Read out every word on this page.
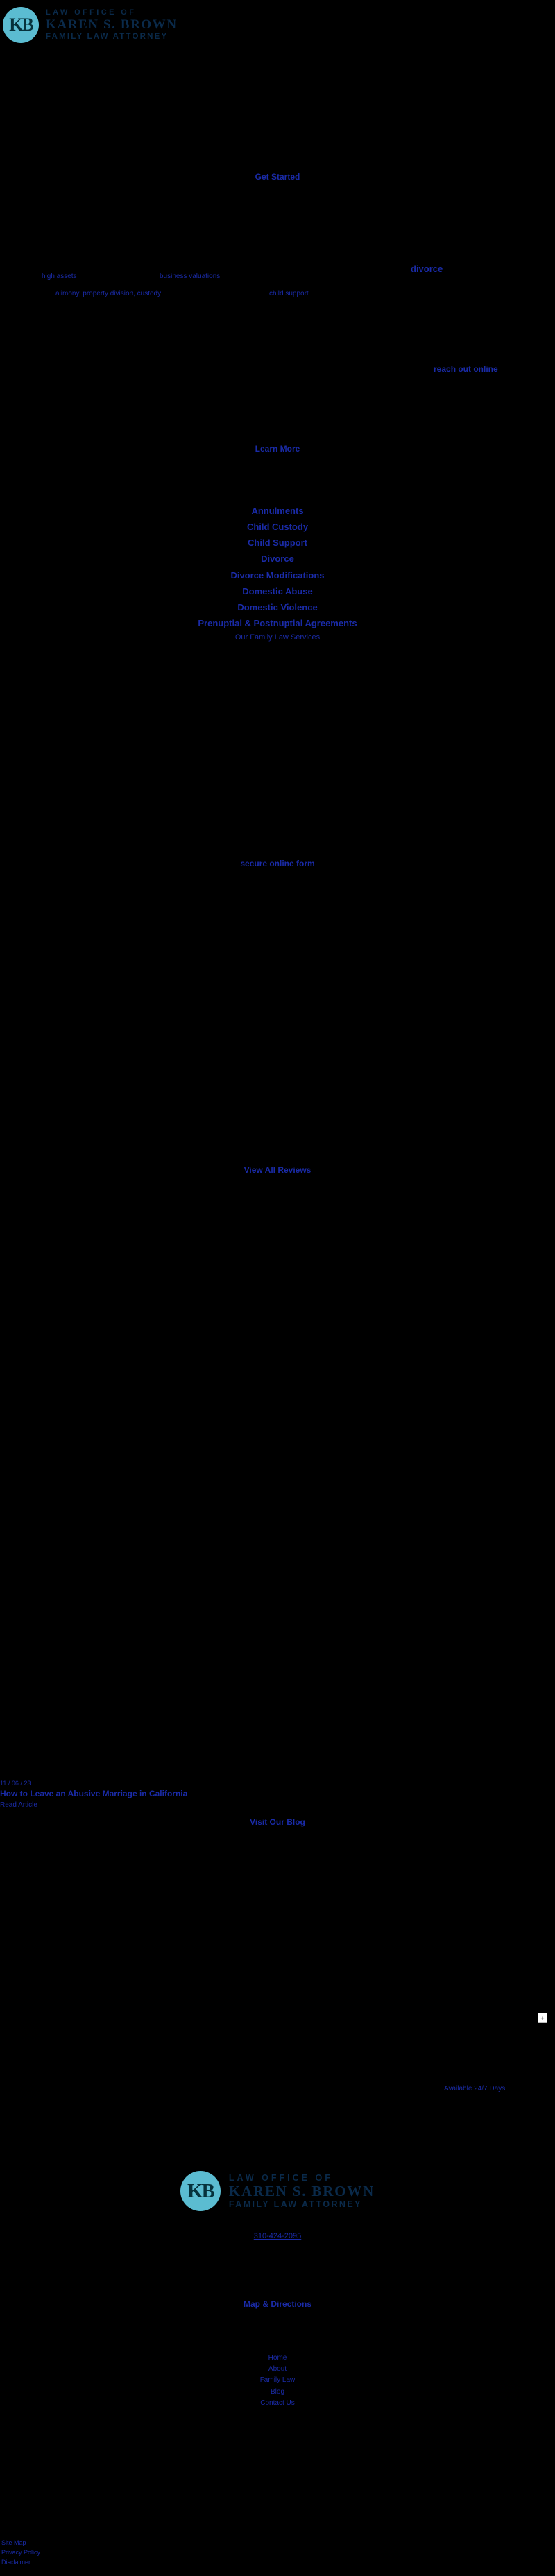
KB
LAW OFFICE OF
KAREN S. BROWN
FAMILY LAW ATTORNEY
Get Started
high assets	business valuations
divorce
alimony, property division, custody	child support
reach out online
Learn More
Annulments
Child Custody
Child Support
Divorce
Divorce Modifications
Domestic Abuse
Domestic Violence
Prenuptial & Postnuptial Agreements
Our Family Law Services
secure online form
View All Reviews
11 / 06 / 23
How to Leave an Abusive Marriage in California
Read Article
Visit Our Blog
+
Available 24/7 Days
KB
LAW OFFICE OF
KAREN S. BROWN
FAMILY LAW ATTORNEY
310-424-2095
Map & Directions
Home
About
Family Law
Blog
Contact Us
Site Map
Privacy Policy
Disclaimer
